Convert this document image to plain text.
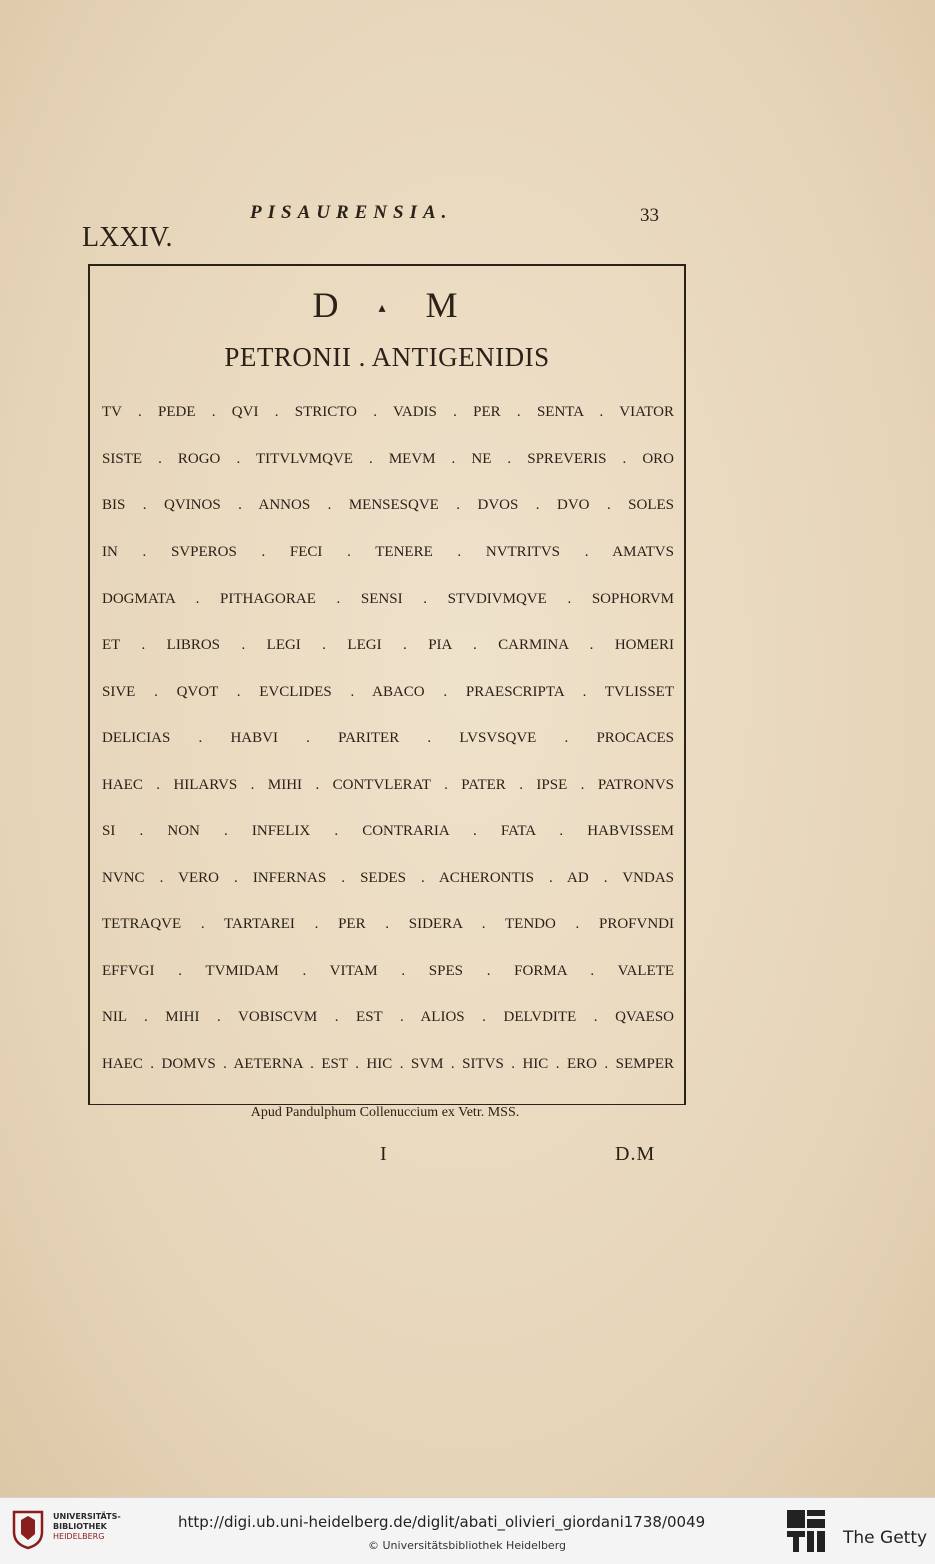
PISAURENSIA.	33
LXXIV.
D	▴ M
PETRONII . ANTIGENIDIS
TV . PEDE . QVI . STRICTO . VADIS . PER . SENTA . VIATOR
SISTE . ROGO . TITVLVMQVE . MEVM . NE . SPREVERIS . ORO
BIS . QVINOS . ANNOS . MENSESQVE . DVOS . DVO . SOLES
IN . SVPEROS . FECI . TENERE . NVTRITVS . AMATVS
DOGMATA . PITHAGORAE . SENSI . STVDIVMQVE . SOPHORVM
ET . LIBROS . LEGI . LEGI . PIA . CARMINA . HOMERI
SIVE . QVOT . EVCLIDES . ABACO . PRAESCRIPTA . TVLISSET
DELICIAS . HABVI . PARITER . LVSVSQVE . PROCACES
HAEC . HILARVS . MIHI . CONTVLERAT . PATER . IPSE . PATRONVS
SI . NON . INFELIX . CONTRARIA . FATA . HABVISSEM
NVNC . VERO . INFERNAS . SEDES . ACHERONTIS . AD . VNDAS
TETRAQVE . TARTAREI . PER . SIDERA . TENDO . PROFVNDI
EFFVGI . TVMIDAM . VITAM . SPES . FORMA . VALETE
NIL . MIHI . VOBISCVM . EST . ALIOS . DELVDITE . QVAESO
HAEC . DOMVS . AETERNA . EST . HIC . SVM . SITVS . HIC . ERO . SEMPER
Apud Pandulphum Collenuccium ex Vetr. MSS.
I	D.M
UNIVERSITÄTS-
BIBLIOTHEK
HEIDELBERG
http://digi.ub.uni-heidelberg.de/diglit/abati_olivieri_giordani1738/0049
© Universitätsbibliothek Heidelberg	The Getty
